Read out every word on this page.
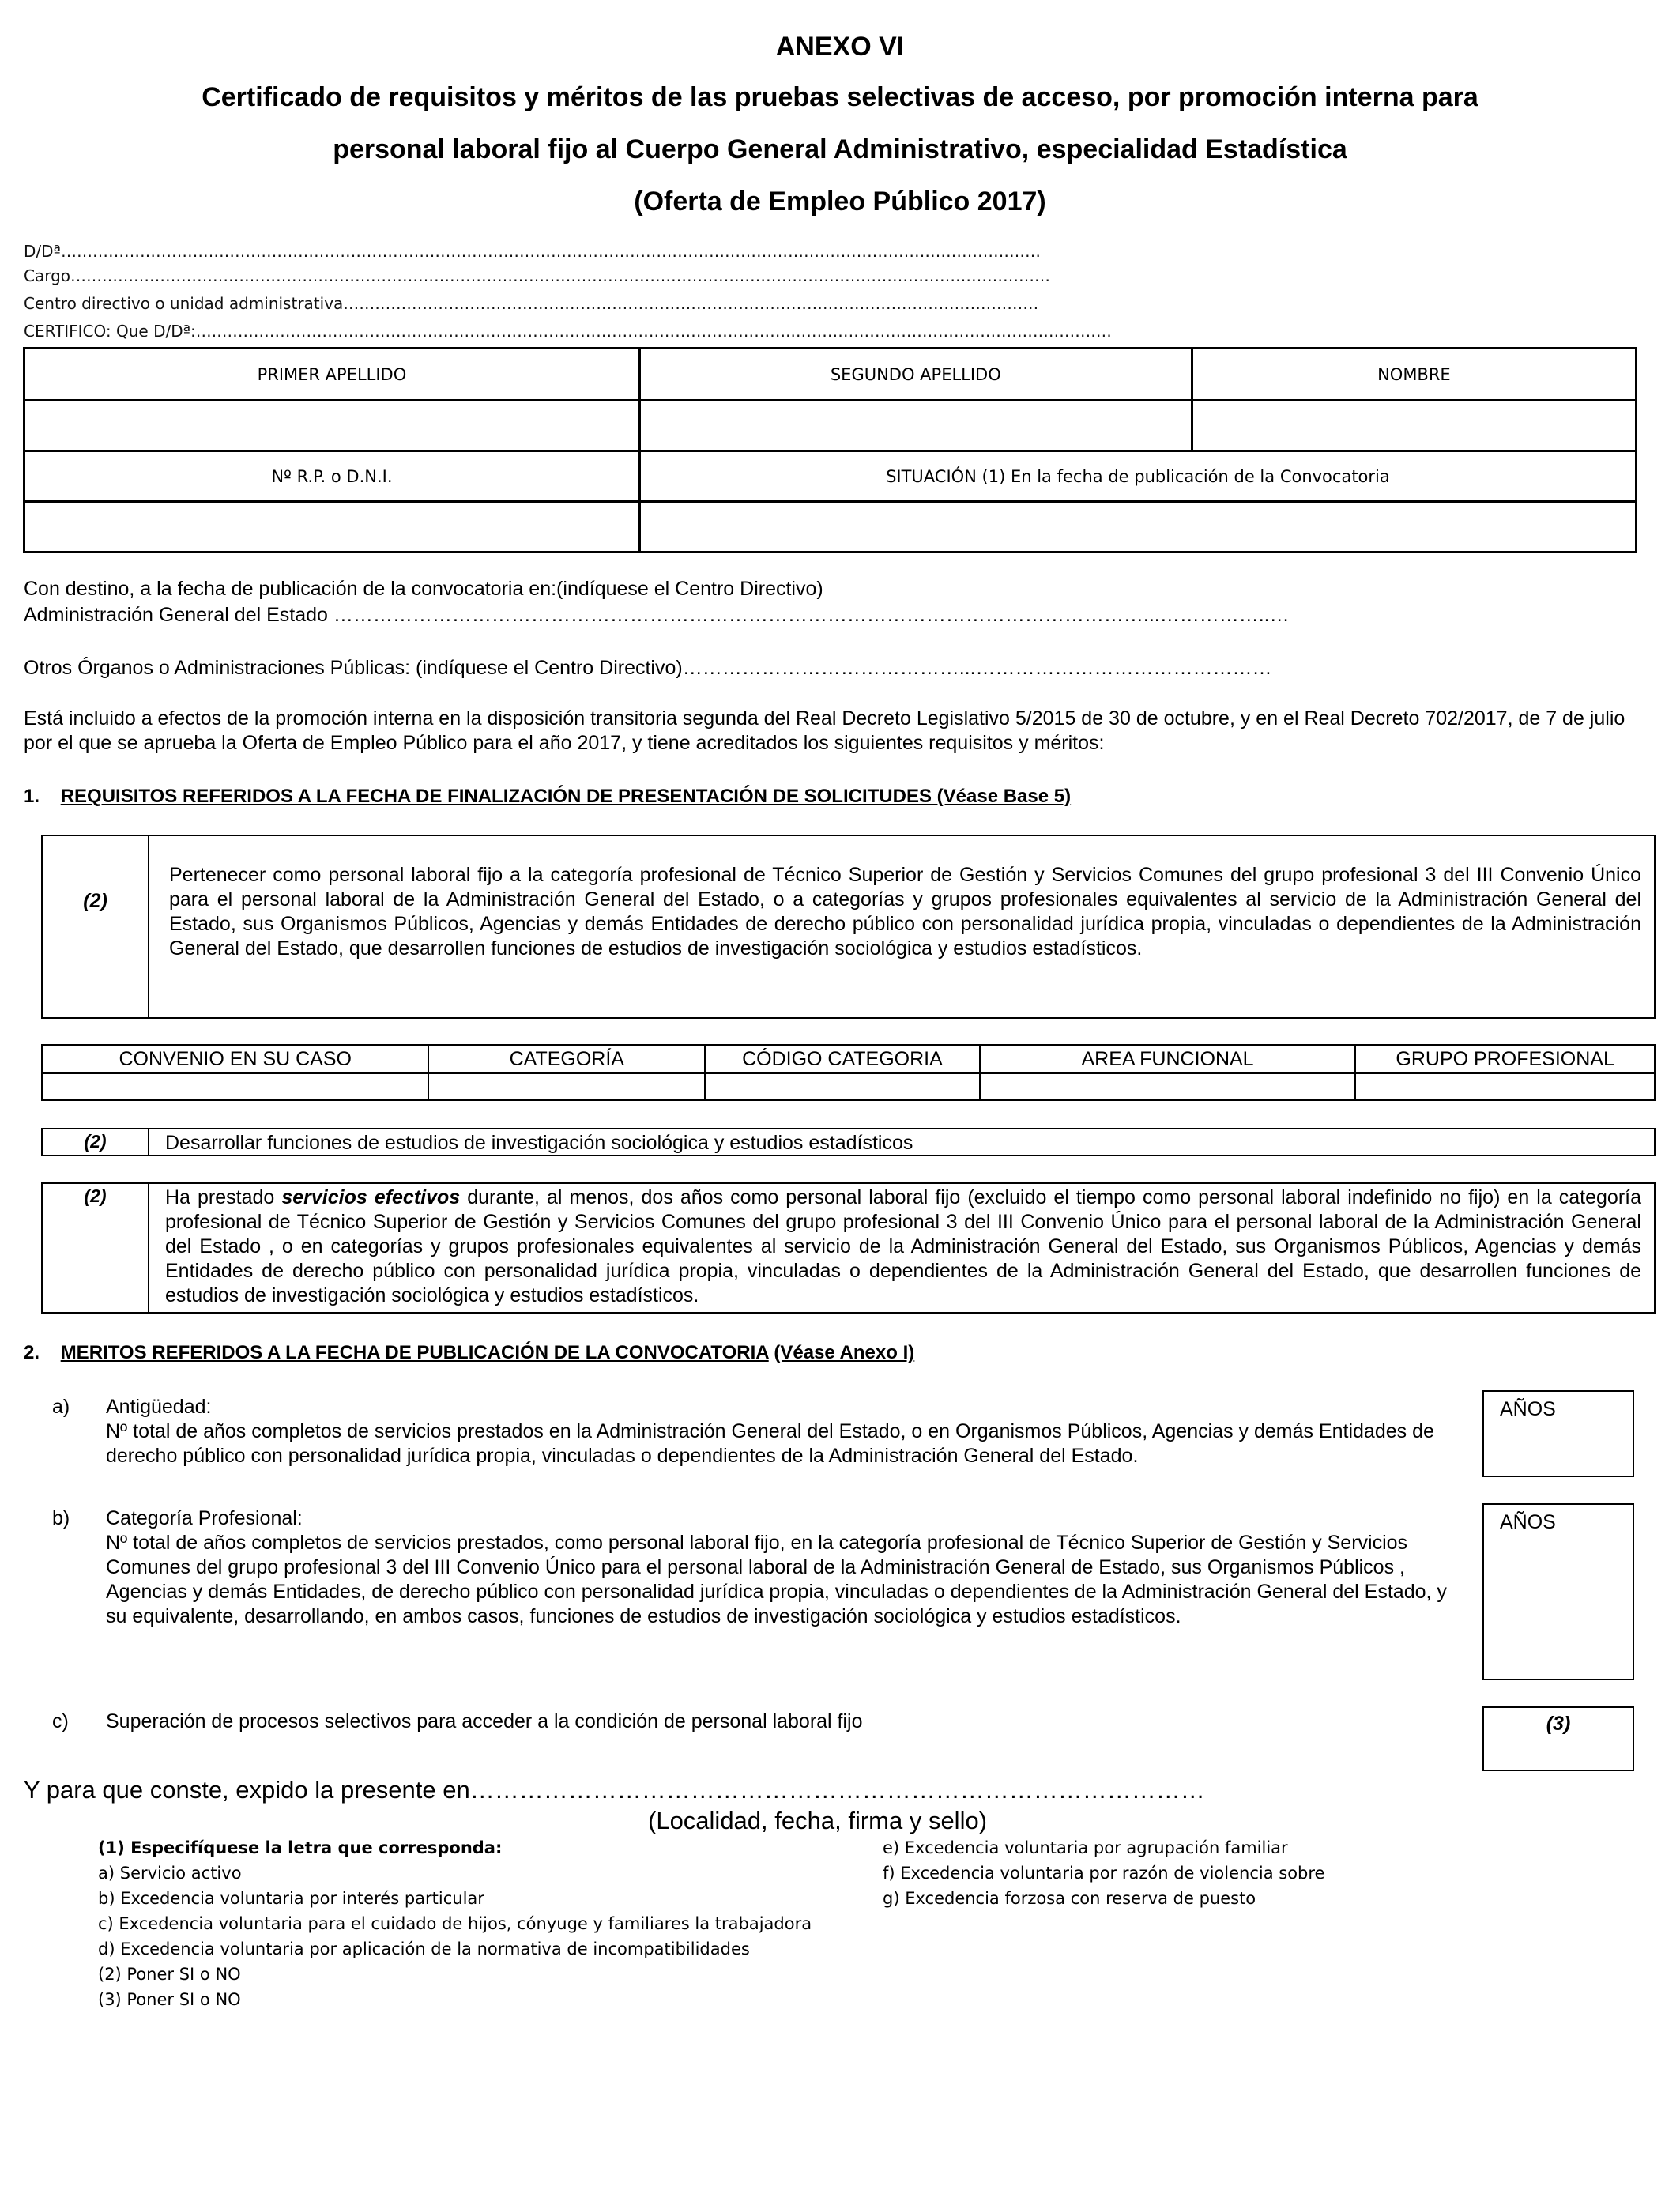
ANEXO VI
Certificado de requisitos y méritos de las pruebas selectivas de acceso, por promoción interna para
personal laboral fijo al Cuerpo General Administrativo, especialidad Estadística
(Oferta de Empleo Público 2017)
D/Dª……………………………………………………………………………………………………………………………………………………………………
Cargo……………………………………………………………………………………………………………………………………………………………………
Centro directivo o unidad administrativa……………………………………………………………………………………………………………………
CERTIFICO: Que D/Dª:….………………………………………………………………………………………………..……………………………………………………
PRIMER APELLIDO	SEGUNDO APELLIDO	NOMBRE

Nº R.P. o D.N.I.	SITUACIÓN (1) En la fecha de publicación de la Convocatoria	

Con destino, a la fecha de publicación de la convocatoria en:(indíquese el Centro Directivo)
Administración General del Estado ……………………………………………………………………………………………………………...……………..…
Otros Órganos o Administraciones Públicas: (indíquese el Centro Directivo)……………………………………...………………………………………
Está incluido a efectos de la promoción interna en la disposición transitoria segunda del Real Decreto Legislativo 5/2015 de 30 de octubre, y en el Real Decreto 702/2017, de 7 de julio por el que se aprueba la Oferta de Empleo Público para el año 2017, y tiene acreditados los siguientes requisitos y méritos:
1. REQUISITOS REFERIDOS A LA FECHA DE FINALIZACIÓN DE PRESENTACIÓN DE SOLICITUDES (Véase Base 5)
(2)
Pertenecer como personal laboral fijo a la categoría profesional de Técnico Superior de Gestión y Servicios Comunes del grupo profesional 3 del III Convenio Único para el personal laboral de la Administración General del Estado, o a categorías y grupos profesionales equivalentes al servicio de la Administración General del Estado, sus Organismos Públicos, Agencias y demás Entidades de derecho público con personalidad jurídica propia, vinculadas o dependientes de la Administración General del Estado, que desarrollen funciones de estudios de investigación sociológica y estudios estadísticos.
CONVENIO EN SU CASO	CATEGORÍA	CÓDIGO CATEGORIA	AREA FUNCIONAL	GRUPO PROFESIONAL

(2)	Desarrollar funciones de estudios de investigación sociológica y estudios estadísticos
(2)	Ha prestado servicios efectivos durante, al menos, dos años como personal laboral fijo (excluido el tiempo como personal laboral indefinido no fijo) en la categoría profesional de Técnico Superior de Gestión y Servicios Comunes del grupo profesional 3 del III Convenio Único para el personal laboral de la Administración General del Estado , o en categorías y grupos profesionales equivalentes al servicio de la Administración General del Estado, sus Organismos Públicos, Agencias y demás Entidades de derecho público con personalidad jurídica propia, vinculadas o dependientes de la Administración General del Estado, que desarrollen funciones de estudios de investigación sociológica y estudios estadísticos.
2. MERITOS REFERIDOS A LA FECHA DE PUBLICACIÓN DE LA CONVOCATORIA (Véase Anexo I)
a) Antigüedad:
Nº total de años completos de servicios prestados en la Administración General del Estado, o en Organismos Públicos, Agencias y demás Entidades de derecho público con personalidad jurídica propia, vinculadas o dependientes de la Administración General del Estado.
AÑOS
b) Categoría Profesional:
Nº total de años completos de servicios prestados, como personal laboral fijo, en la categoría profesional de Técnico Superior de Gestión y Servicios Comunes del grupo profesional 3 del III Convenio Único para el personal laboral de la Administración General de Estado, sus Organismos Públicos , Agencias y demás Entidades, de derecho público con personalidad jurídica propia, vinculadas o dependientes de la Administración General del Estado, y su equivalente, desarrollando, en ambos casos, funciones de estudios de investigación sociológica y estudios estadísticos.
AÑOS
c) Superación de procesos selectivos para acceder a la condición de personal laboral fijo	(3)
Y para que conste, expido la presente en………………………………………………………………………………
(Localidad, fecha, firma y sello)
(1) Especifíquese la letra que corresponda:
a) Servicio activo
b) Excedencia voluntaria por interés particular
c) Excedencia voluntaria para el cuidado de hijos, cónyuge y familiares la trabajadora
d) Excedencia voluntaria por aplicación de la normativa de incompatibilidades
(2) Poner SI o NO
(3) Poner SI o NO
e) Excedencia voluntaria por agrupación familiar
f) Excedencia voluntaria por razón de violencia sobre
g) Excedencia forzosa con reserva de puesto
